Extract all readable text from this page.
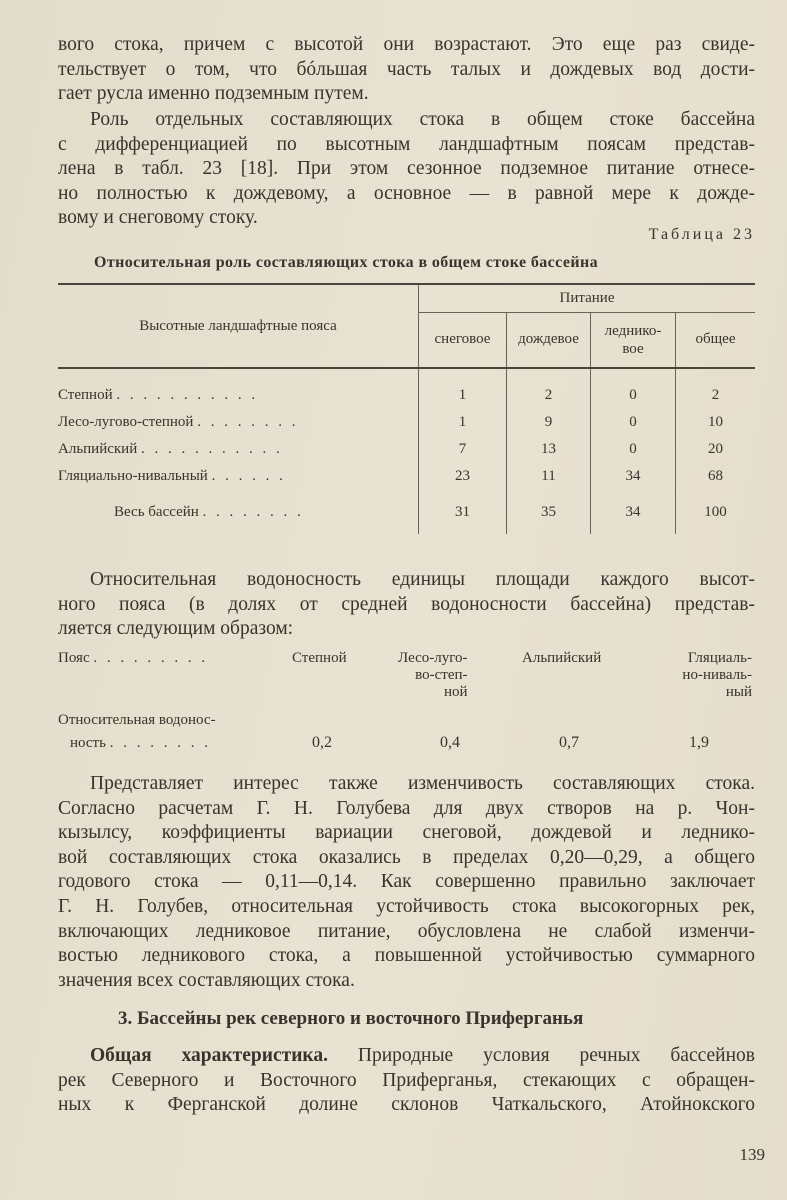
вого стока, причем с высотой они возрастают. Это еще раз свиде-
тельствует о том, что бóльшая часть талых и дождевых вод дости-
гает русла именно подземным путем.
Роль отдельных составляющих стока в общем стоке бассейна
с дифференциацией по высотным ландшафтным поясам представ-
лена в табл. 23 [18]. При этом сезонное подземное питание отнесе-
но полностью к дождевому, а основное — в равной мере к дожде-
вому и снеговому стоку.
Таблица 23
Относительная роль составляющих стока в общем стоке бассейна
Высотные ландшафтные пояса	Питание			
	снеговое	дождевое	леднико-
вое	общее

Степной . . . . . . . . . . .	1	2	0	2
Лесо-лугово-степной . . . . . . . .	1	9	0	10
Альпийский . . . . . . . . . . .	7	13	0	20
Гляциально-нивальный . . . . . .	23	11	34	68
Весь бассейн . . . . . . . .	31	35	34	100
Относительная водоносность единицы площади каждого высот-
ного пояса (в долях от средней водоносности бассейна) представ-
ляется следующим образом:
Пояс . . . . . . . . .	Степной	Лесо-луго-
во-степ-
ной
Альпийский	Гляциаль-
но-ниваль-
ный
Относительная водонос-
ность . . . . . . . .	0,2	0,4	0,7	1,9
Представляет интерес также изменчивость составляющих стока.
Согласно расчетам Г. Н. Голубева для двух створов на р. Чон-
кызылсу, коэффициенты вариации снеговой, дождевой и леднико-
вой составляющих стока оказались в пределах 0,20—0,29, а общего
годового стока — 0,11—0,14. Как совершенно правильно заключает
Г. Н. Голубев, относительная устойчивость стока высокогорных рек,
включающих ледниковое питание, обусловлена не слабой изменчи-
востью ледникового стока, а повышенной устойчивостью суммарного
значения всех составляющих стока.
3. Бассейны рек северного и восточного Приферганья
Общая характеристика. Природные условия речных бассейнов
рек Северного и Восточного Приферганья, стекающих с обращен-
ных к Ферганской долине склонов Чаткальского, Атойнокского
139
